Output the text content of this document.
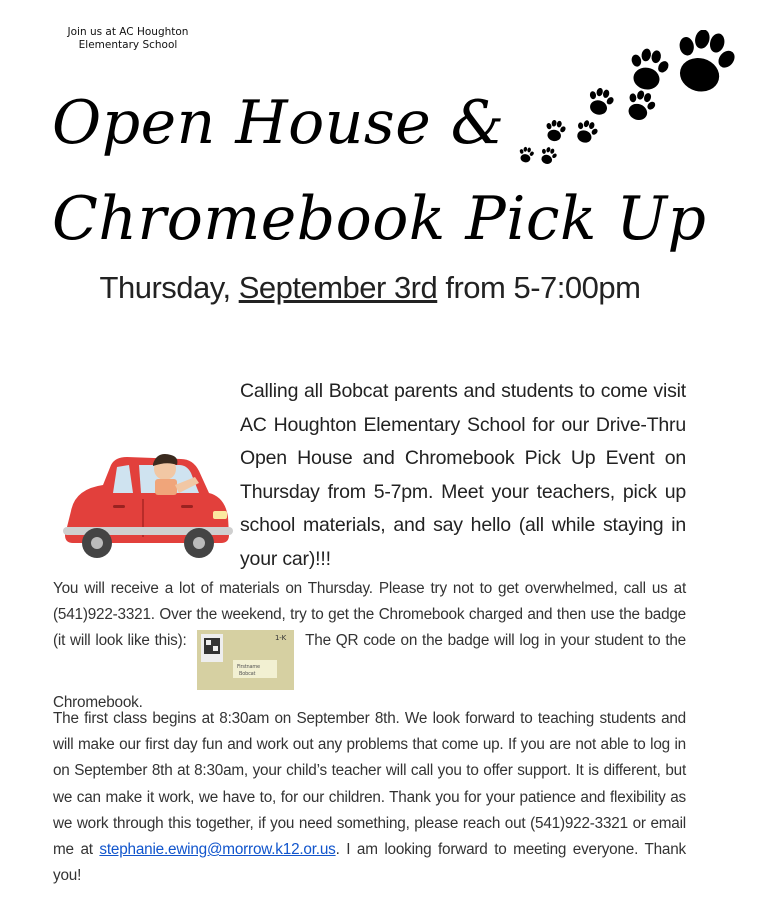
Join us at AC Houghton
Elementary School
Open House &
Chromebook Pick Up
Thursday, September 3rd from 5-7:00pm
Calling all Bobcat parents and students to come visit AC Houghton Elementary School for our Drive-Thru Open House and Chromebook Pick Up Event on Thursday from 5-7pm. Meet your teachers, pick up school materials, and say hello (all while staying in your car)!!!
You will receive a lot of materials on Thursday. Please try not to get overwhelmed, call us at (541)922-3321. Over the weekend, try to get the Chromebook charged and then use the badge (it will look like this):	1-K
Firstname
Bobcat
The QR code on the badge will log in your student to the Chromebook.
The first class begins at 8:30am on September 8th. We look forward to teaching students and will make our first day fun and work out any problems that come up. If you are not able to log in on September 8th at 8:30am, your child’s teacher will call you to offer support. It is different, but we can make it work, we have to, for our children. Thank you for your patience and flexibility as we work through this together, if you need something, please reach out (541)922-3321 or email me at stephanie.ewing@morrow.k12.or.us. I am looking forward to meeting everyone. Thank you!
